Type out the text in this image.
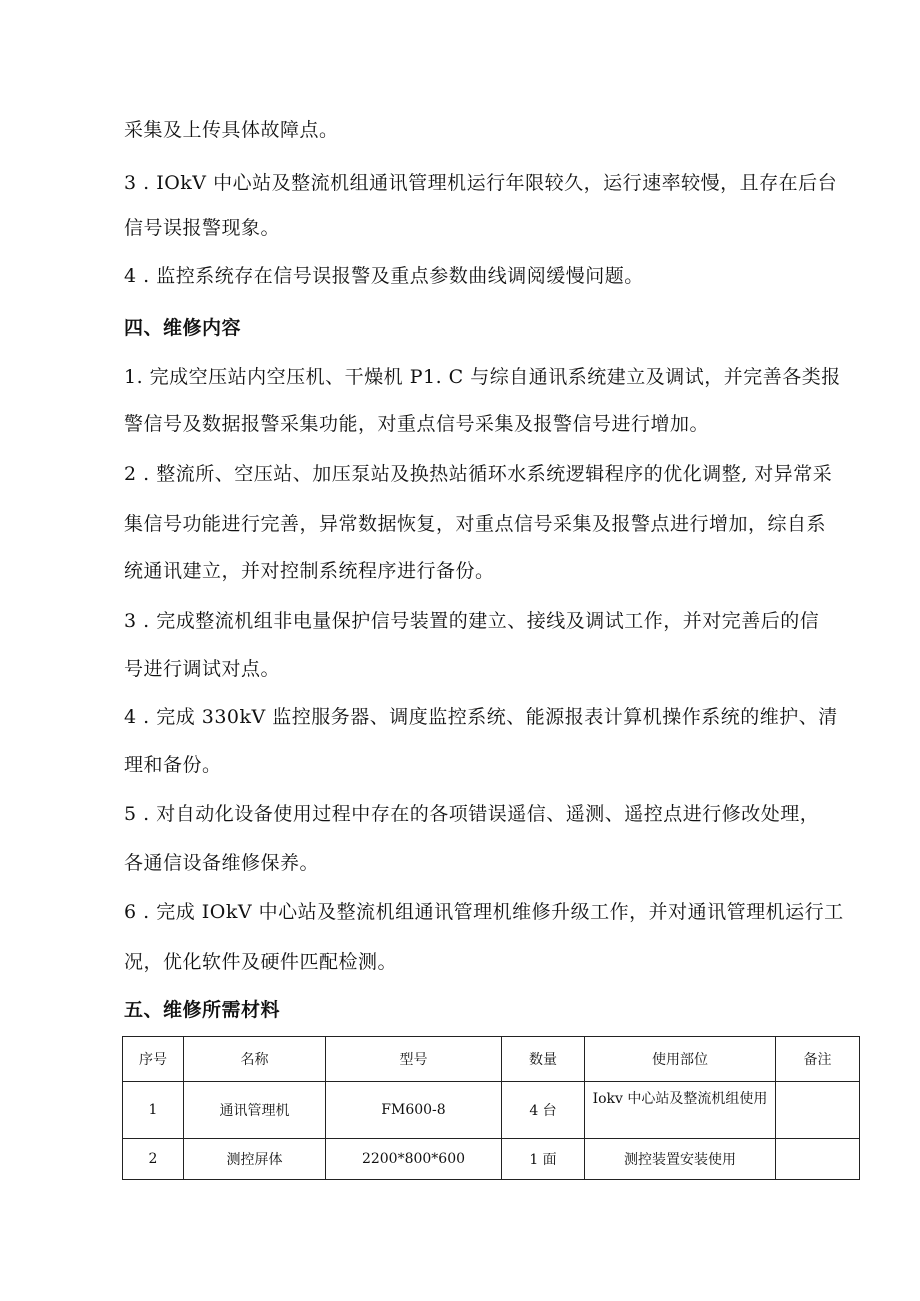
采集及上传具体故障点。
3 . IOkV 中心站及整流机组通讯管理机运行年限较久，运行速率较慢，且存在后台
信号误报警现象。
4 . 监控系统存在信号误报警及重点参数曲线调阅缓慢问题。
四、维修内容
1. 完成空压站内空压机、干燥机 P1. C 与综自通讯系统建立及调试，并完善各类报
警信号及数据报警采集功能，对重点信号采集及报警信号进行增加。
2 . 整流所、空压站、加压泵站及换热站循环水系统逻辑程序的优化调整, 对异常采
集信号功能进行完善，异常数据恢复，对重点信号采集及报警点进行增加，综自系
统通讯建立，并对控制系统程序进行备份。
3 . 完成整流机组非电量保护信号装置的建立、接线及调试工作，并对完善后的信
号进行调试对点。
4 . 完成 330kV 监控服务器、调度监控系统、能源报表计算机操作系统的维护、清
理和备份。
5 . 对自动化设备使用过程中存在的各项错误遥信、遥测、遥控点进行修改处理，
各通信设备维修保养。
6 . 完成 IOkV 中心站及整流机组通讯管理机维修升级工作，并对通讯管理机运行工
况，优化软件及硬件匹配检测。
五、维修所需材料
序号	名称	型号	数量	使用部位	备注
1	通讯管理机	FM600-8	4 台	Iokv 中心站及整流机组使用	
2	测控屏体	2200*800*600	1 面	测控装置安装使用	
